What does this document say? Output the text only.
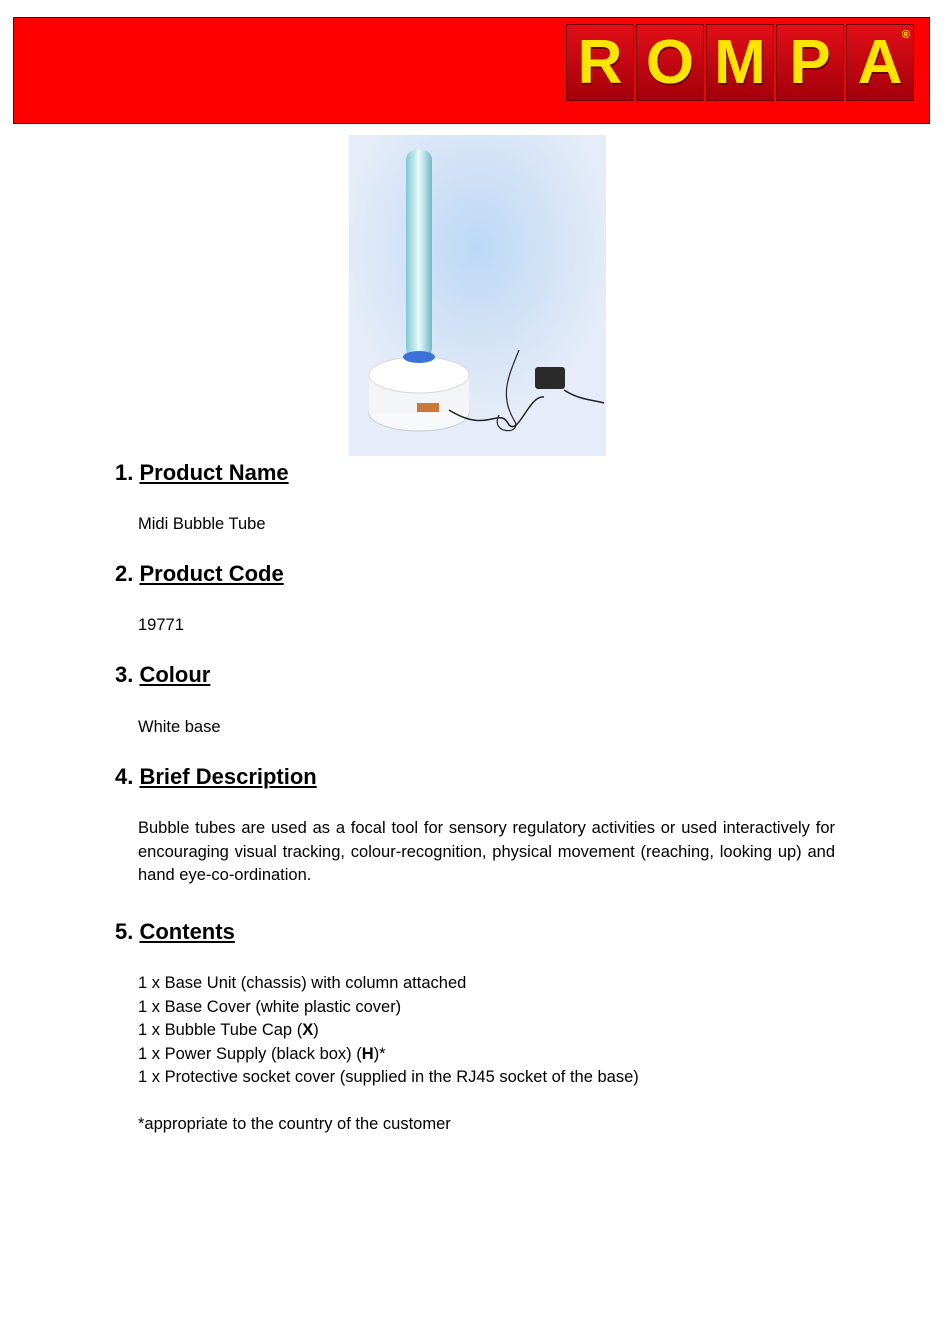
R O M P A ®
1. Product Name
Midi Bubble Tube
2. Product Code
19771
3. Colour
White base
4. Brief Description
Bubble tubes are used as a focal tool for sensory regulatory activities or used interactively for encouraging visual tracking, colour-recognition, physical movement (reaching, looking up) and hand eye-co-ordination.
5. Contents
1 x Base Unit (chassis) with column attached
1 x Base Cover (white plastic cover)
1 x Bubble Tube Cap (X)
1 x Power Supply (black box) (H)*
1 x Protective socket cover (supplied in the RJ45 socket of the base)
*appropriate to the country of the customer
